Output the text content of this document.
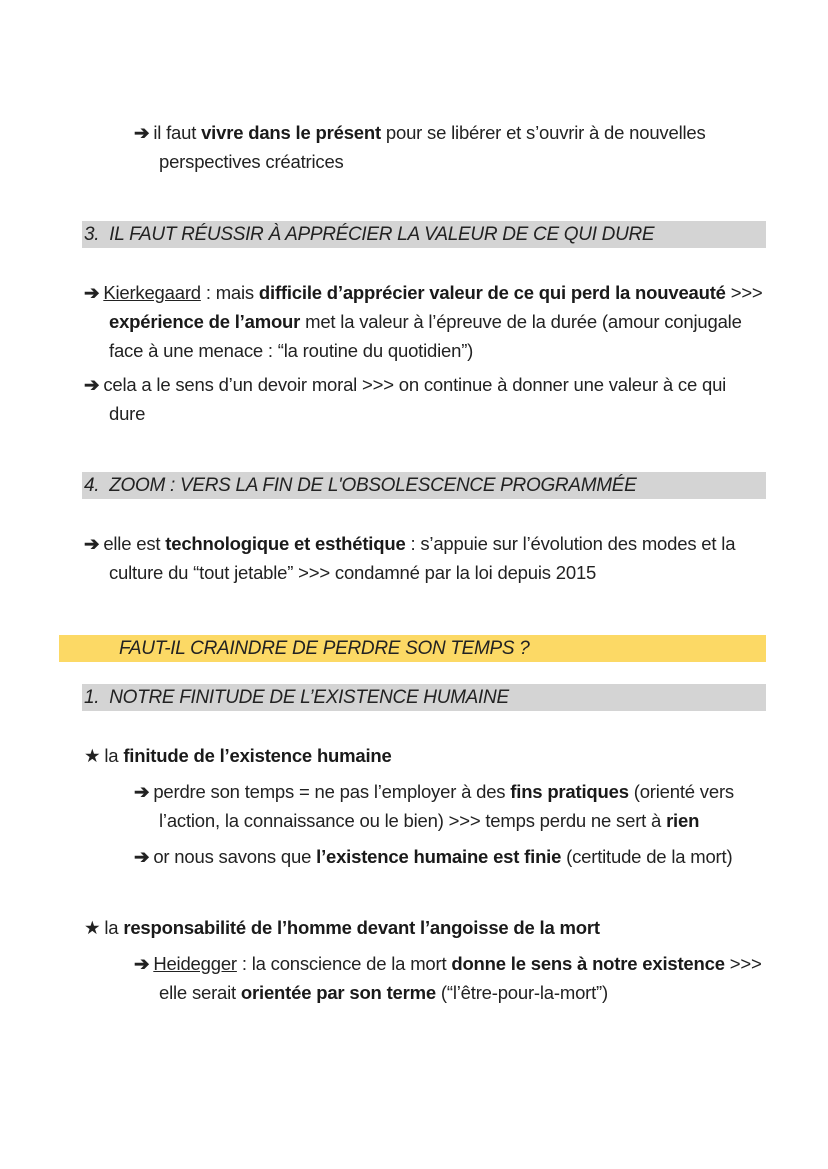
➔ il faut vivre dans le présent pour se libérer et s’ouvrir à de nouvelles
perspectives créatrices
3. IL FAUT RÉUSSIR À APPRÉCIER LA VALEUR DE CE QUI DURE
➔ Kierkegaard : mais difficile d’apprécier valeur de ce qui perd la nouveauté >>>
expérience de l’amour met la valeur à l’épreuve de la durée (amour conjugale
face à une menace : “la routine du quotidien”)
➔ cela a le sens d’un devoir moral >>> on continue à donner une valeur à ce qui
dure
4. ZOOM : VERS LA FIN DE L'OBSOLESCENCE PROGRAMMÉE
➔ elle est technologique et esthétique : s’appuie sur l’évolution des modes et la
culture du “tout jetable” >>> condamné par la loi depuis 2015
FAUT-IL CRAINDRE DE PERDRE SON TEMPS ?
1. NOTRE FINITUDE DE L’EXISTENCE HUMAINE
★ la finitude de l’existence humaine
➔ perdre son temps = ne pas l’employer à des fins pratiques (orienté vers
l’action, la connaissance ou le bien) >>> temps perdu ne sert à rien
➔ or nous savons que l’existence humaine est finie (certitude de la mort)
★ la responsabilité de l’homme devant l’angoisse de la mort
➔ Heidegger : la conscience de la mort donne le sens à notre existence >>>
elle serait orientée par son terme (“l’être-pour-la-mort”)
